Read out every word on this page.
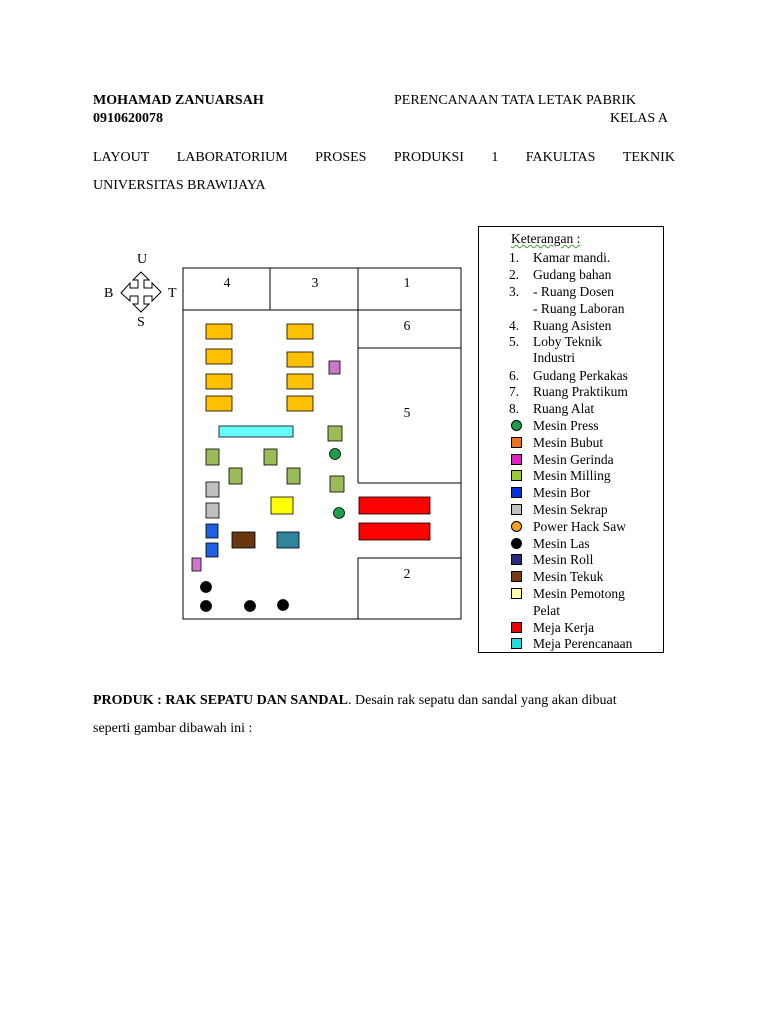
MOHAMAD ZANUARSAH
0910620078
PERENCANAAN TATA LETAK PABRIK
KELAS A
LAYOUT LABORATORIUM PROSES PRODUKSI 1 FAKULTAS TEKNIK
UNIVERSITAS BRAWIJAYA
U
S
B	T
4	3	1
6
5
2
Keterangan :
1. Kamar mandi.
2. Gudang bahan
3. - Ruang Dosen
- Ruang Laboran
4. Ruang Asisten
5. Loby Teknik
Industri
6. Gudang Perkakas
7. Ruang Praktikum
8. Ruang Alat
Mesin Press
Mesin Bubut
Mesin Gerinda
Mesin Milling
Mesin Bor
Mesin Sekrap
Power Hack Saw
Mesin Las
Mesin Roll
Mesin Tekuk
Mesin Pemotong
Pelat
Meja Kerja
Meja Perencanaan
PRODUK : RAK SEPATU DAN SANDAL. Desain rak sepatu dan sandal yang akan dibuat
seperti gambar dibawah ini :
